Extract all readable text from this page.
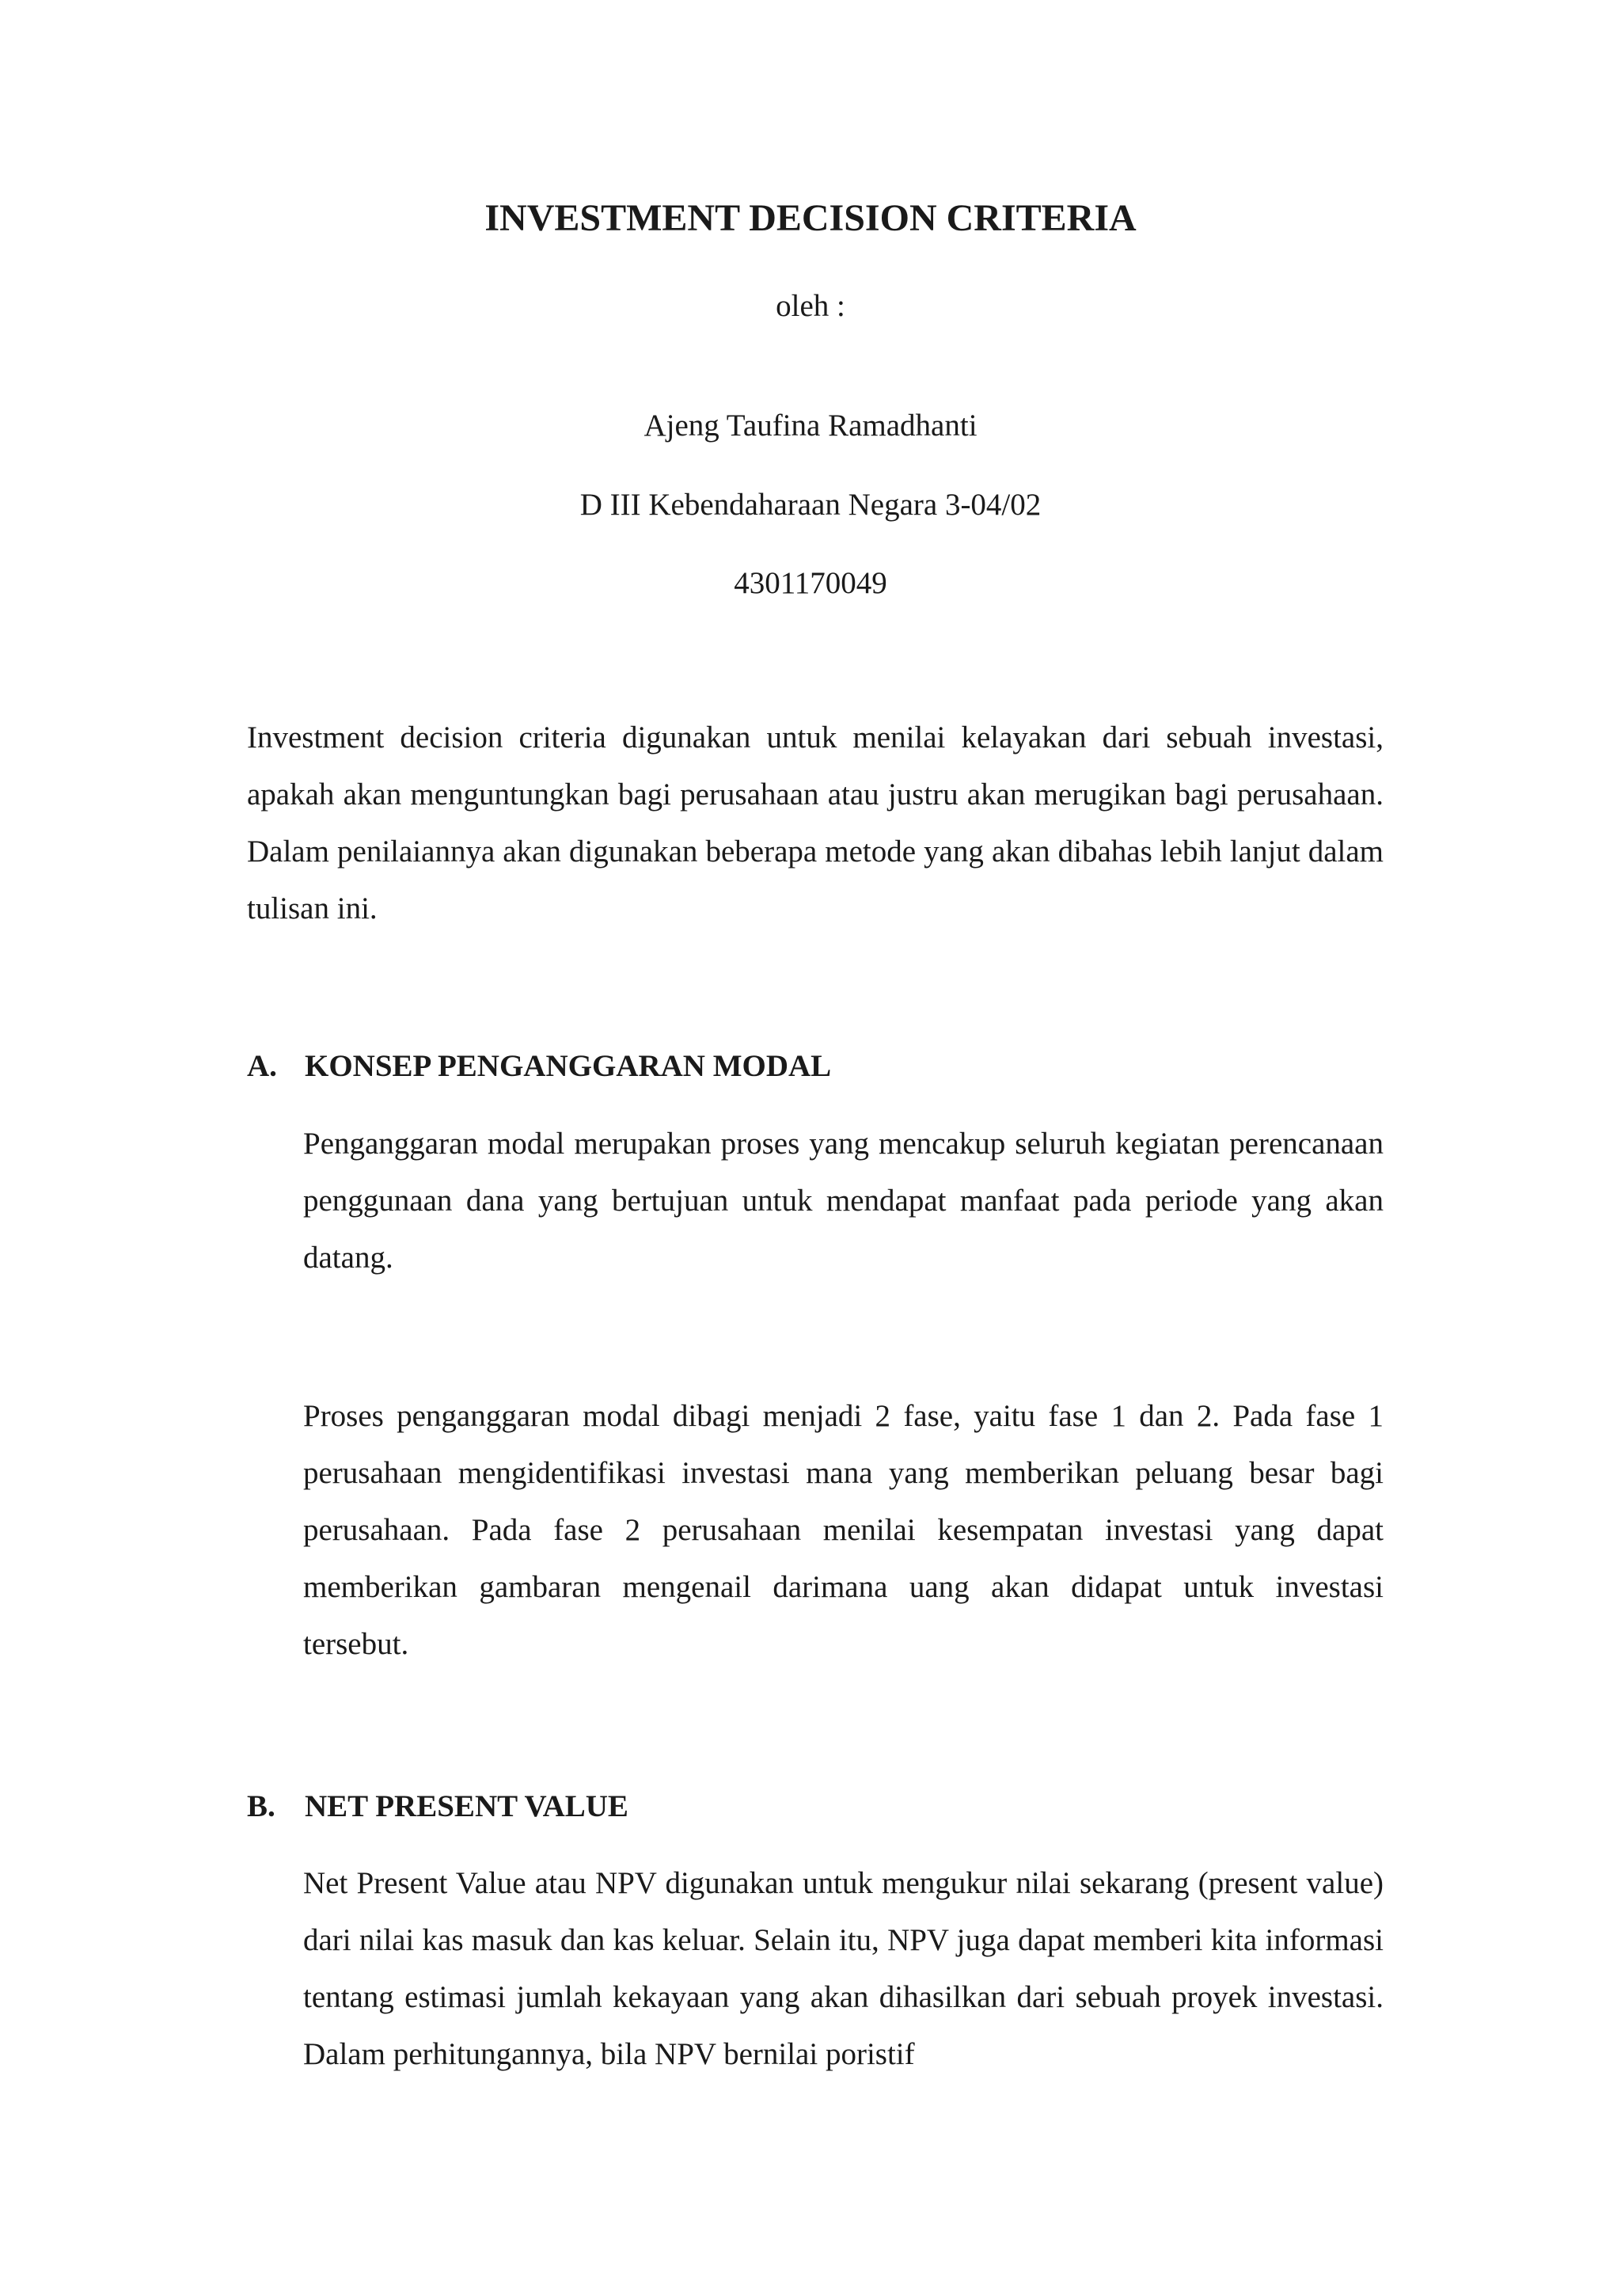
INVESTMENT DECISION CRITERIA

oleh :

Ajeng Taufina Ramadhanti

D III Kebendaharaan Negara 3-04/02

4301170049

Investment decision criteria digunakan untuk menilai kelayakan dari sebuah investasi, apakah akan menguntungkan bagi perusahaan atau justru akan merugikan bagi perusahaan. Dalam penilaiannya akan digunakan beberapa metode yang akan dibahas lebih lanjut dalam tulisan ini.

A. KONSEP PENGANGGARAN MODAL

Penganggaran modal merupakan proses yang mencakup seluruh kegiatan perencanaan penggunaan dana yang bertujuan untuk mendapat manfaat pada periode yang akan datang.

Proses penganggaran modal dibagi menjadi 2 fase, yaitu fase 1 dan 2. Pada fase 1 perusahaan mengidentifikasi investasi mana yang memberikan peluang besar bagi perusahaan. Pada fase 2 perusahaan menilai kesempatan investasi yang dapat memberikan gambaran mengenail darimana uang akan didapat untuk investasi tersebut.

B. NET PRESENT VALUE

Net Present Value atau NPV digunakan untuk mengukur nilai sekarang (present value) dari nilai kas masuk dan kas keluar. Selain itu, NPV juga dapat memberi kita informasi tentang estimasi jumlah kekayaan yang akan dihasilkan dari sebuah proyek investasi. Dalam perhitungannya, bila NPV bernilai poristif
